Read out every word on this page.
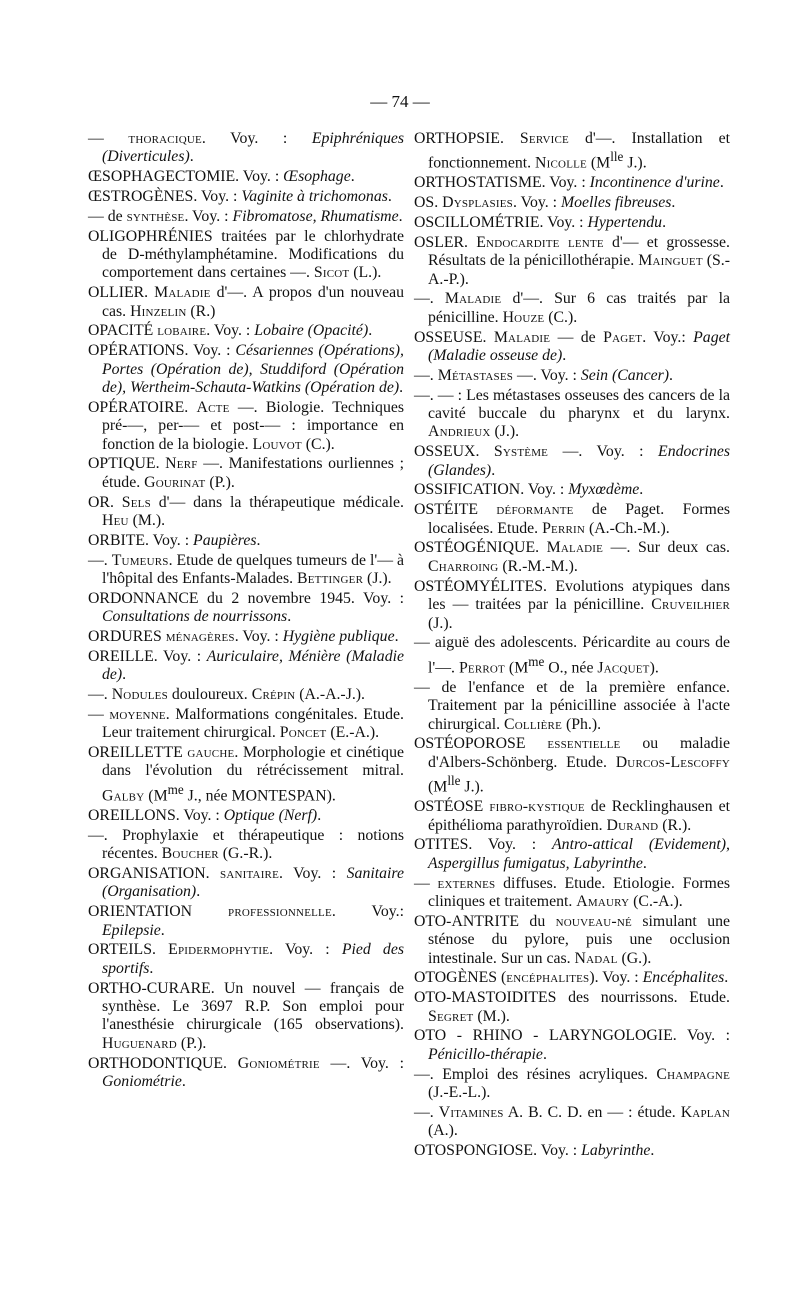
— 74 —

— thoracique. Voy. : Epiphréniques (Diverticules).

ŒSOPHAGECTOMIE. Voy. : Œsophage.

ŒSTROGÈNES. Voy. : Vaginite à trichomonas.

— de synthèse. Voy. : Fibromatose, Rhumatisme.

OLIGOPHRÉNIES traitées par le chlorhydrate de D-méthylamphétamine. Modifications du comportement dans certaines —. Sicot (L.).

OLLIER. Maladie d'—. A propos d'un nouveau cas. Hinzelin (R.)

OPACITÉ lobaire. Voy. : Lobaire (Opacité).

OPÉRATIONS. Voy. : Césariennes (Opérations), Portes (Opération de), Studdiford (Opération de), Wertheim-Schauta-Watkins (Opération de).

OPÉRATOIRE. Acte —. Biologie. Techniques pré-—, per-— et post-— : importance en fonction de la biologie. Louvot (C.).

OPTIQUE. Nerf —. Manifestations ourliennes ; étude. Gourinat (P.).

OR. Sels d'— dans la thérapeutique médicale. Heu (M.).

ORBITE. Voy. : Paupières.

—. Tumeurs. Etude de quelques tumeurs de l'— à l'hôpital des Enfants-Malades. Bettinger (J.).

ORDONNANCE du 2 novembre 1945. Voy. : Consultations de nourrissons.

ORDURES ménagères. Voy. : Hygiène publique.

OREILLE. Voy. : Auriculaire, Ménière (Maladie de).

—. Nodules douloureux. Crépin (A.-A.-J.).

— moyenne. Malformations congénitales. Etude. Leur traitement chirurgical. Poncet (E.-A.).

OREILLETTE gauche. Morphologie et cinétique dans l'évolution du rétrécissement mitral. Galby ($M^{me}$ J., née MONTESPAN).

OREILLONS. Voy. : Optique (Nerf).

—. Prophylaxie et thérapeutique : notions récentes. Boucher (G.-R.).

ORGANISATION. sanitaire. Voy. : Sanitaire (Organisation).

ORIENTATION professionnelle. Voy.: Epilepsie.

ORTEILS. Epidermophytie. Voy. : Pied des sportifs.

ORTHO-CURARE. Un nouvel — français de synthèse. Le 3697 R.P. Son emploi pour l'anesthésie chirurgicale (165 observations). Huguenard (P.).

ORTHODONTIQUE. Goniométrie —. Voy. : Goniométrie.

ORTHOPSIE. Service d'—. Installation et fonctionnement. Nicolle ($M^{lle}$ J.).

ORTHOSTATISME. Voy. : Incontinence d'urine.

OS. Dysplasies. Voy. : Moelles fibreuses.

OSCILLOMÉTRIE. Voy. : Hypertendu.

OSLER. Endocardite lente d'— et grossesse. Résultats de la pénicillothérapie. Mainguet (S.-A.-P.).

—. Maladie d'—. Sur 6 cas traités par la pénicilline. Houze (C.).

OSSEUSE. Maladie — de Paget. Voy.: Paget (Maladie osseuse de).

—. Métastases —. Voy. : Sein (Cancer).

—. — : Les métastases osseuses des cancers de la cavité buccale du pharynx et du larynx. Andrieux (J.).

OSSEUX. Système —. Voy. : Endocrines (Glandes).

OSSIFICATION. Voy. : Myxœdème.

OSTÉITE déformante de Paget. Formes localisées. Etude. Perrin (A.-Ch.-M.).

OSTÉOGÉNIQUE. Maladie —. Sur deux cas. Charroing (R.-M.-M.).

OSTÉOMYÉLITES. Evolutions atypiques dans les — traitées par la pénicilline. Cruveilhier (J.).

— aiguë des adolescents. Péricardite au cours de l'—. Perrot ($M^{me}$ O., née Jacquet).

— de l'enfance et de la première enfance. Traitement par la pénicilline associée à l'acte chirurgical. Collière (Ph.).

OSTÉOPOROSE essentielle ou maladie d'Albers-Schönberg. Etude. Durcos-Lescoffy ($M^{lle}$ J.).

OSTÉOSE fibro-kystique de Recklinghausen et épithélioma parathyroïdien. Durand (R.).

OTITES. Voy. : Antro-attical (Evidement), Aspergillus fumigatus, Labyrinthe.

— externes diffuses. Etude. Etiologie. Formes cliniques et traitement. Amaury (C.-A.).

OTO-ANTRITE du nouveau-né simulant une sténose du pylore, puis une occlusion intestinale. Sur un cas. Nadal (G.).

OTOGÈNES (encéphalites). Voy. : Encéphalites.

OTO-MASTOIDITES des nourrissons. Etude. Segret (M.).

OTO - RHINO - LARYNGOLOGIE. Voy. : Pénicillo-thérapie.

—. Emploi des résines acryliques. Champagne (J.-E.-L.).

—. Vitamines A. B. C. D. en — : étude. Kaplan (A.).

OTOSPONGIOSE. Voy. : Labyrinthe.
